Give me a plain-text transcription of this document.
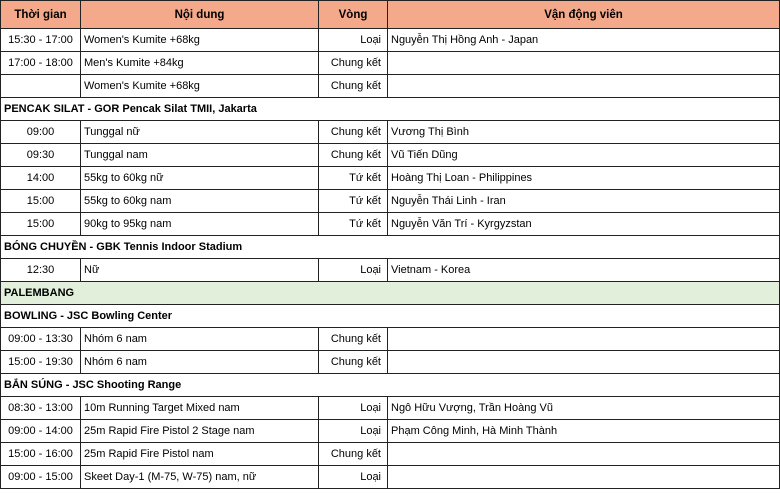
Thời gian	Nội dung	Vòng	Vận động viên
15:30 - 17:00	Women's Kumite +68kg	Loại	Nguyễn Thị Hồng Anh - Japan
17:00 - 18:00	Men's Kumite +84kg	Chung kết	
	Women's Kumite +68kg	Chung kết	
PENCAK SILAT - GOR Pencak Silat TMII, Jakarta			
09:00	Tunggal nữ	Chung kết	Vương Thị Bình
09:30	Tunggal nam	Chung kết	Vũ Tiến Dũng
14:00	55kg to 60kg nữ	Tứ kết	Hoàng Thị Loan - Philippines
15:00	55kg to 60kg nam	Tứ kết	Nguyễn Thái Linh - Iran
15:00	90kg to 95kg nam	Tứ kết	Nguyễn Văn Trí - Kyrgyzstan
BÓNG CHUYỀN - GBK Tennis Indoor Stadium			
12:30	Nữ	Loại	Vietnam - Korea
PALEMBANG			
BOWLING - JSC Bowling Center			
09:00 - 13:30	Nhóm 6 nam	Chung kết	
15:00 - 19:30	Nhóm 6 nam	Chung kết	
BẮN SÚNG - JSC Shooting Range			
08:30 - 13:00	10m Running Target Mixed nam	Loại	Ngô Hữu Vượng, Trần Hoàng Vũ
09:00 - 14:00	25m Rapid Fire Pistol 2 Stage nam	Loại	Phạm Công Minh, Hà Minh Thành
15:00 - 16:00	25m Rapid Fire Pistol nam	Chung kết	
09:00 - 15:00	Skeet Day-1 (M-75, W-75) nam, nữ	Loại	
